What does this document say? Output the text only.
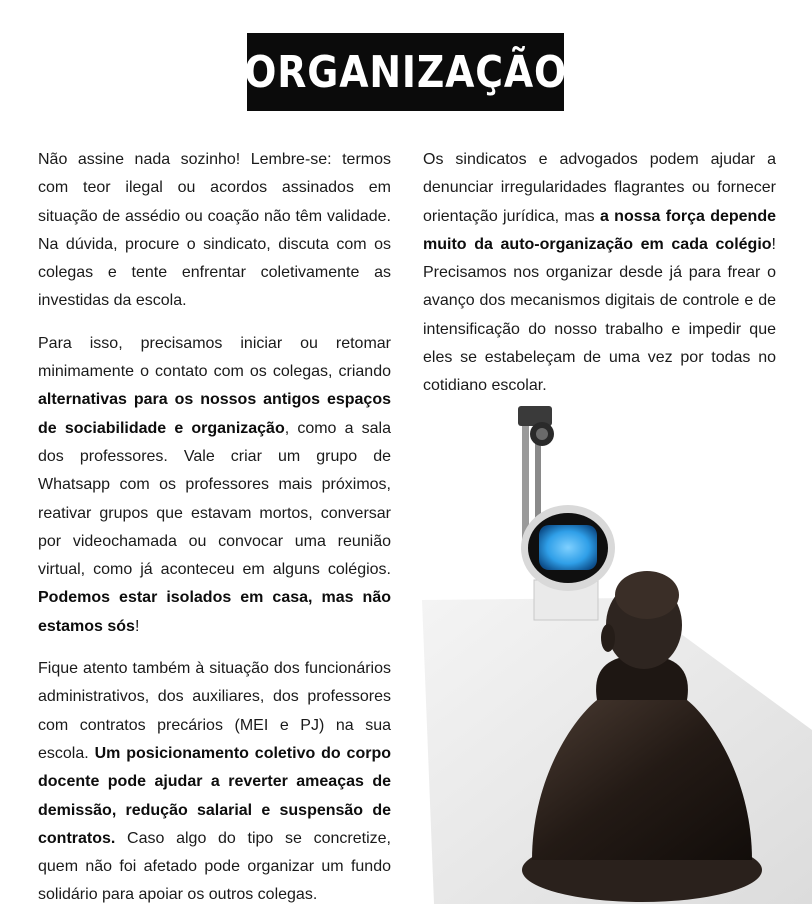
ORGANIZAÇÃO

Não assine nada sozinho! Lembre-se: termos com teor ilegal ou acordos assinados em situação de assédio ou coação não têm validade. Na dúvida, procure o sindicato, discuta com os colegas e tente enfrentar coletivamente as investidas da escola.

Para isso, precisamos iniciar ou retomar minimamente o contato com os colegas, criando alternativas para os nossos antigos espaços de sociabilidade e organização, como a sala dos professores. Vale criar um grupo de Whatsapp com os professores mais próximos, reativar grupos que estavam mortos, conversar por videochamada ou convocar uma reunião virtual, como já aconteceu em alguns colégios. Podemos estar isolados em casa, mas não estamos sós!

Fique atento também à situação dos funcionários administrativos, dos auxiliares, dos professores com contratos precários (MEI e PJ) na sua escola. Um posicionamento coletivo do corpo docente pode ajudar a reverter ameaças de demissão, redução salarial e suspensão de contratos. Caso algo do tipo se concretize, quem não foi afetado pode organizar um fundo solidário para apoiar os outros colegas.

Os sindicatos e advogados podem ajudar a denunciar irregularidades flagrantes ou fornecer orientação jurídica, mas a nossa força depende muito da auto-organização em cada colégio! Precisamos nos organizar desde já para frear o avanço dos mecanismos digitais de controle e de intensificação do nosso trabalho e impedir que eles se estabeleçam de uma vez por todas no cotidiano escolar.
